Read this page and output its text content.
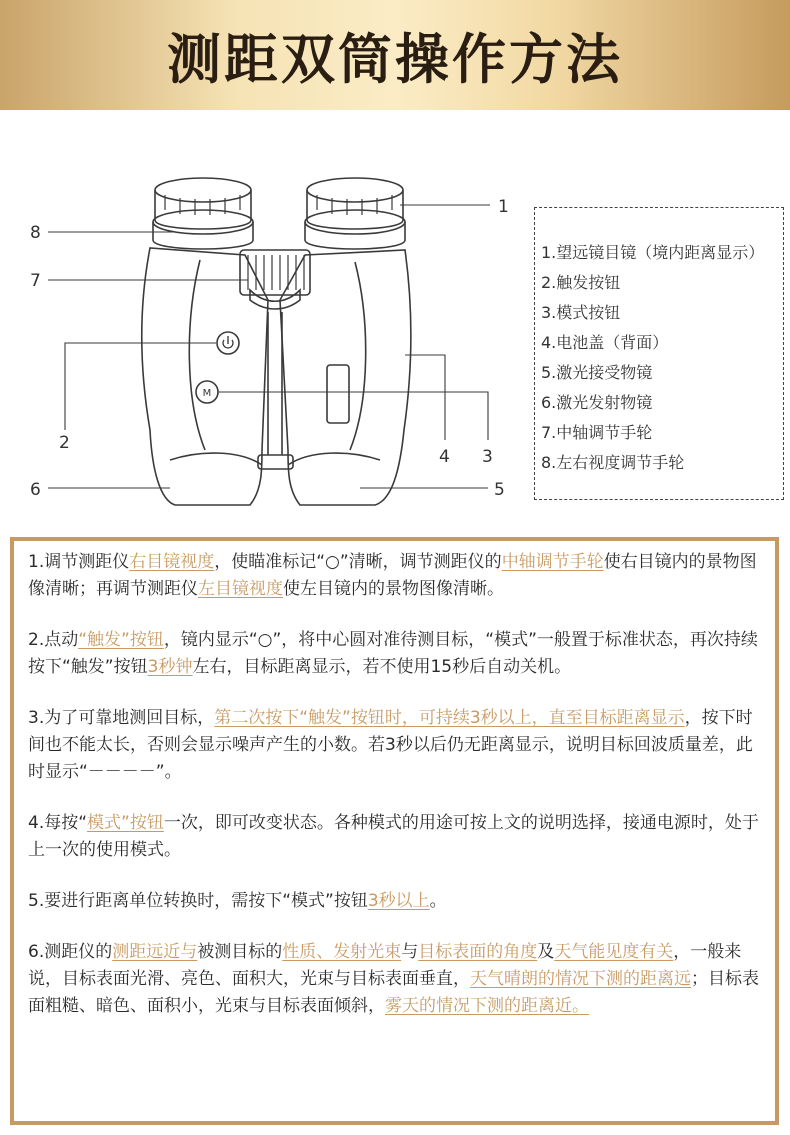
测距双筒操作方法
M
1
8
7
2
4 3
6	5
1.望远镜目镜（境内距离显示）
2.触发按钮
3.模式按钮
4.电池盖（背面）
5.激光接受物镜
6.激光发射物镜
7.中轴调节手轮
8.左右视度调节手轮

1.调节测距仪右目镜视度，使瞄准标记“○”清晰，调节测距仪的中轴调节手轮使右目镜内的景物图像清晰；再调节测距仪左目镜视度使左目镜内的景物图像清晰。

2.点动“触发”按钮，镜内显示“○”，将中心圆对准待测目标，“模式”一般置于标准状态，再次持续按下“触发”按钮3秒钟左右，目标距离显示，若不使用15秒后自动关机。

3.为了可靠地测回目标，第二次按下“触发”按钮时，可持续3秒以上，直至目标距离显示，按下时间也不能太长，否则会显示噪声产生的小数。若3秒以后仍无距离显示，说明目标回波质量差，此时显示“－－－－”。

4.每按“模式”按钮一次，即可改变状态。各种模式的用途可按上文的说明选择，接通电源时，处于上一次的使用模式。

5.要进行距离单位转换时，需按下“模式”按钮3秒以上。

6.测距仪的测距远近与被测目标的性质、发射光束与目标表面的角度及天气能见度有关，一般来说，目标表面光滑、亮色、面积大，光束与目标表面垂直，天气晴朗的情况下测的距离远；目标表面粗糙、暗色、面积小，光束与目标表面倾斜，雾天的情况下测的距离近。
